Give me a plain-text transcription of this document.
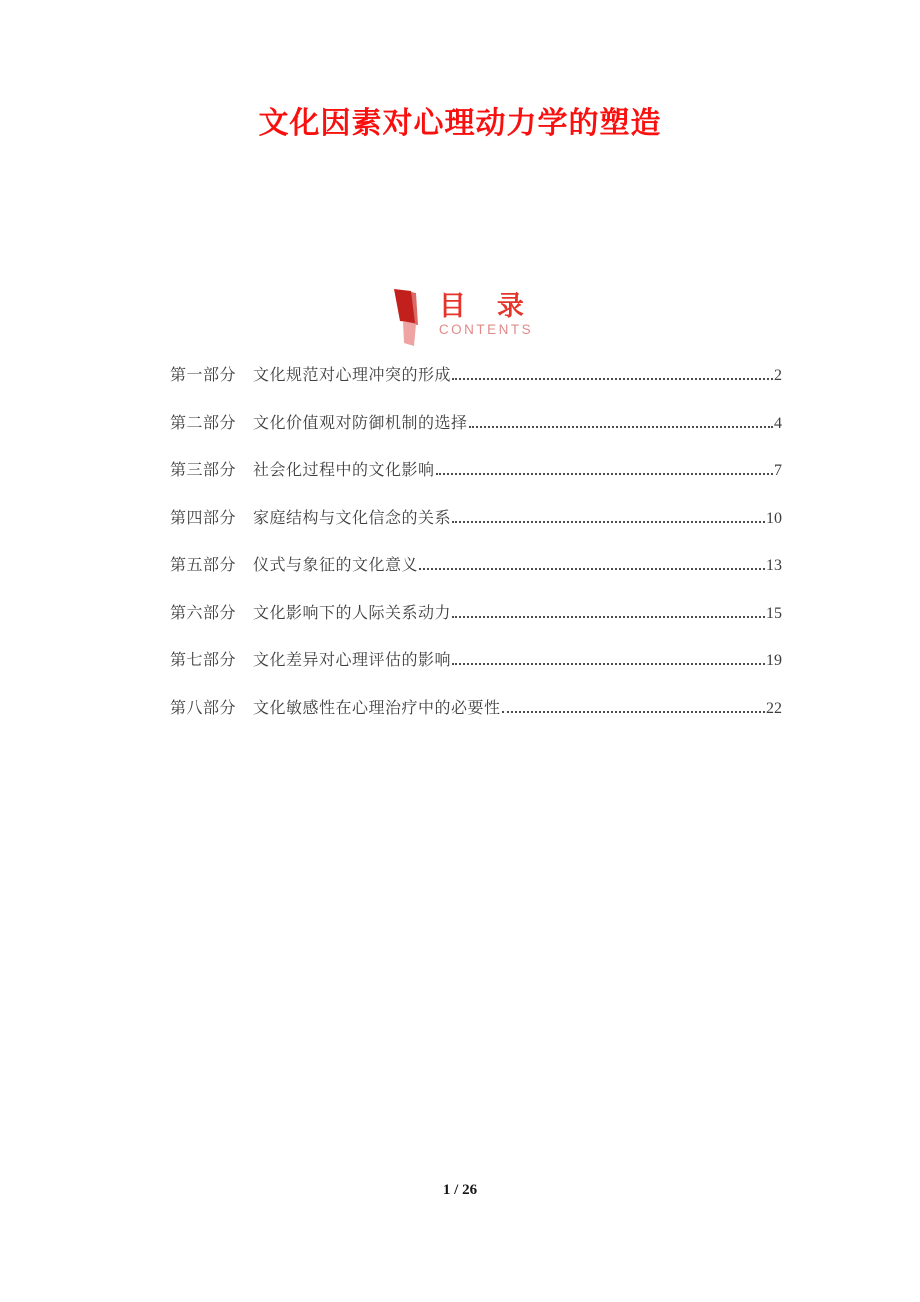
文化因素对心理动力学的塑造
目　录
CONTENTS
第一部分 文化规范对心理冲突的形成	2
第二部分 文化价值观对防御机制的选择	4
第三部分 社会化过程中的文化影响	7
第四部分 家庭结构与文化信念的关系	10
第五部分 仪式与象征的文化意义	13
第六部分 文化影响下的人际关系动力	15
第七部分 文化差异对心理评估的影响	19
第八部分 文化敏感性在心理治疗中的必要性	22
1 / 26
